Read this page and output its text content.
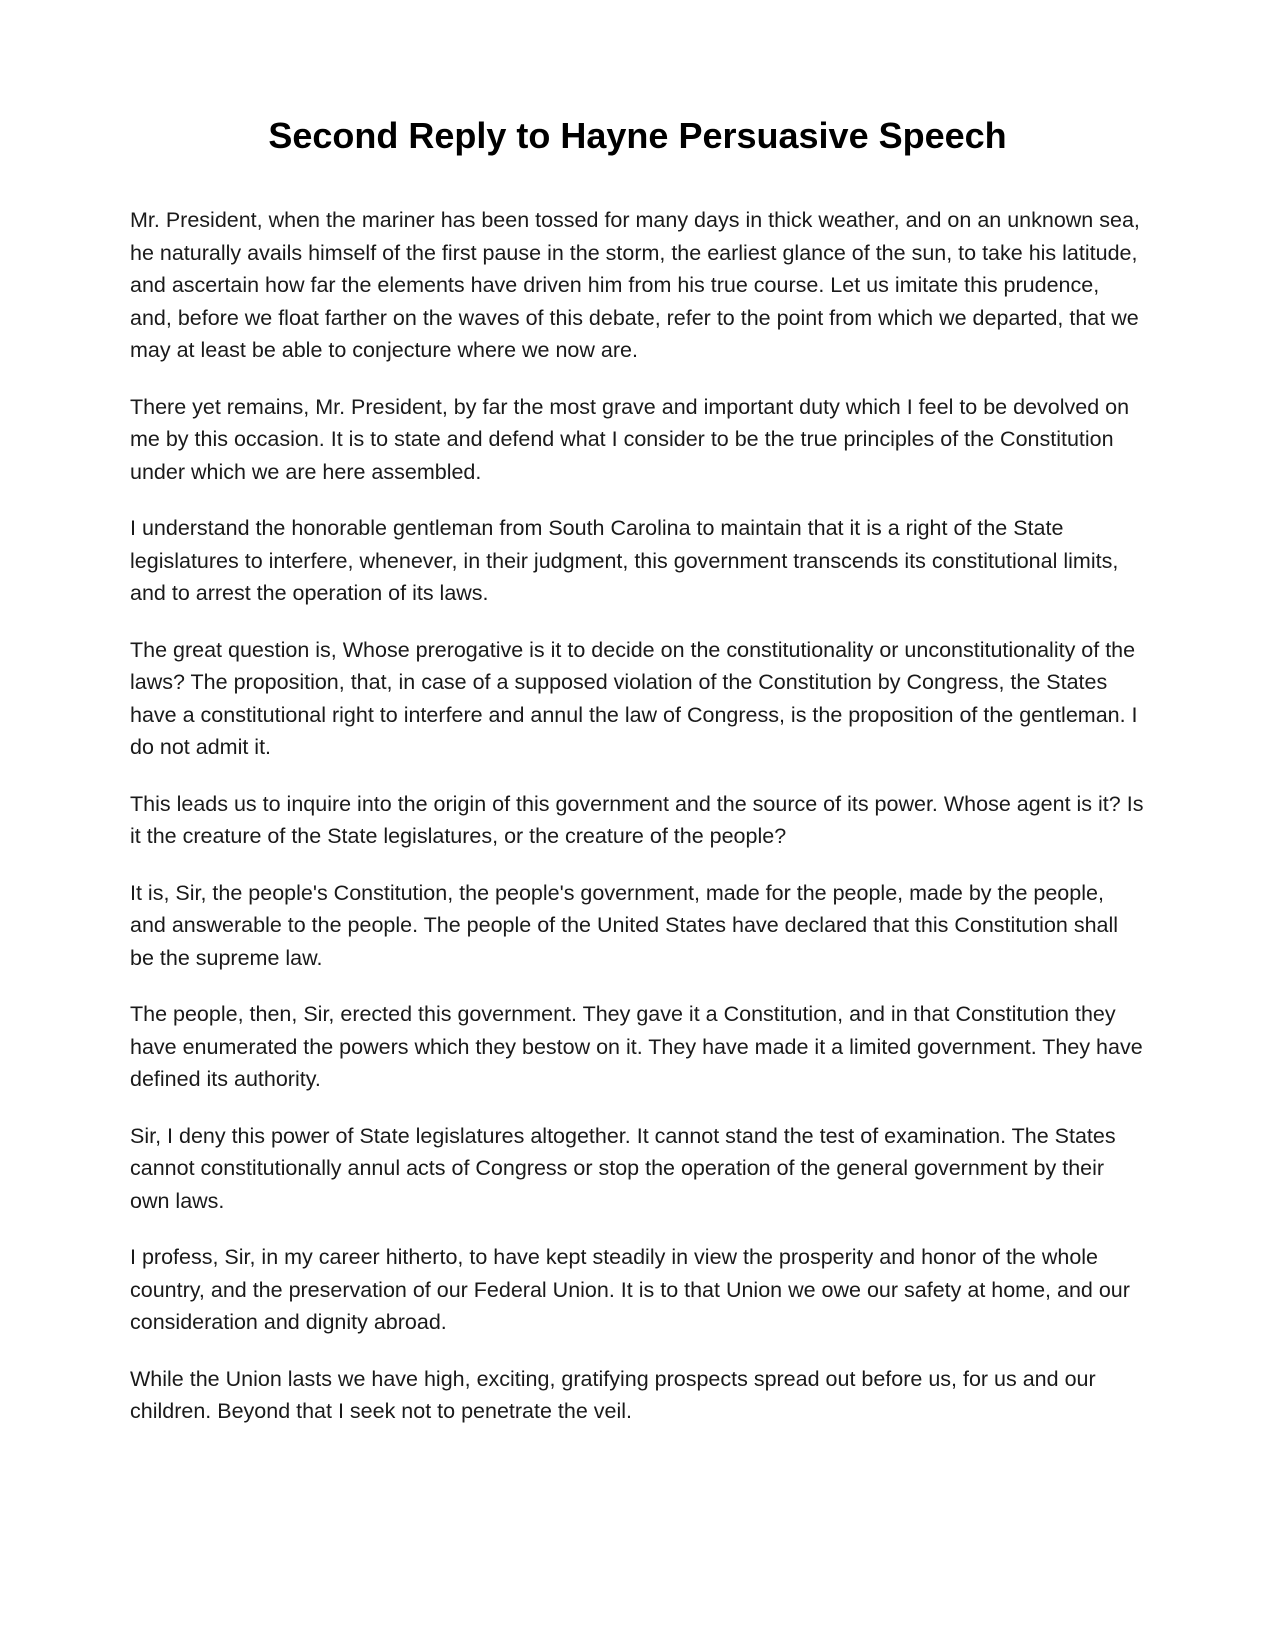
Second Reply to Hayne Persuasive Speech

Mr. President, when the mariner has been tossed for many days in thick weather, and on an unknown sea, he naturally avails himself of the first pause in the storm, the earliest glance of the sun, to take his latitude, and ascertain how far the elements have driven him from his true course. Let us imitate this prudence, and, before we float farther on the waves of this debate, refer to the point from which we departed, that we may at least be able to conjecture where we now are.

There yet remains, Mr. President, by far the most grave and important duty which I feel to be devolved on me by this occasion. It is to state and defend what I consider to be the true principles of the Constitution under which we are here assembled.

I understand the honorable gentleman from South Carolina to maintain that it is a right of the State legislatures to interfere, whenever, in their judgment, this government transcends its constitutional limits, and to arrest the operation of its laws.

The great question is, Whose prerogative is it to decide on the constitutionality or unconstitutionality of the laws? The proposition, that, in case of a supposed violation of the Constitution by Congress, the States have a constitutional right to interfere and annul the law of Congress, is the proposition of the gentleman. I do not admit it.

This leads us to inquire into the origin of this government and the source of its power. Whose agent is it? Is it the creature of the State legislatures, or the creature of the people?

It is, Sir, the people's Constitution, the people's government, made for the people, made by the people, and answerable to the people. The people of the United States have declared that this Constitution shall be the supreme law.

The people, then, Sir, erected this government. They gave it a Constitution, and in that Constitution they have enumerated the powers which they bestow on it. They have made it a limited government. They have defined its authority.

Sir, I deny this power of State legislatures altogether. It cannot stand the test of examination. The States cannot constitutionally annul acts of Congress or stop the operation of the general government by their own laws.

I profess, Sir, in my career hitherto, to have kept steadily in view the prosperity and honor of the whole country, and the preservation of our Federal Union. It is to that Union we owe our safety at home, and our consideration and dignity abroad.

While the Union lasts we have high, exciting, gratifying prospects spread out before us, for us and our children. Beyond that I seek not to penetrate the veil.
